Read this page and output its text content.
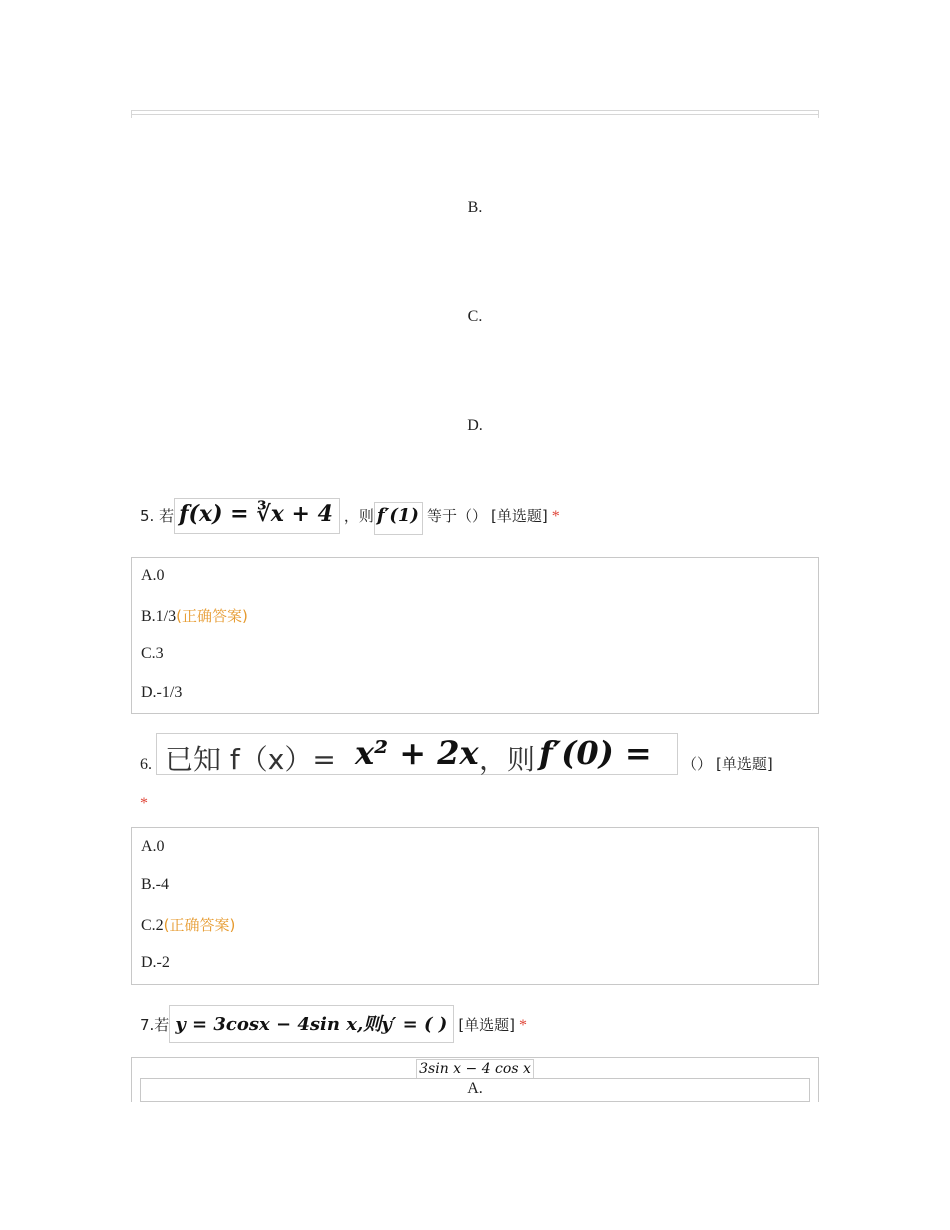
B.
C.
D.
5. 若 f(x) = ∛x + 4 ，则 f′(1) 等于（） [单选题] *
A.0
B.1/3(正确答案)
C.3
D.-1/3
6. 已知 f（x）= x² + 2x ，则 f′(0) = （） [单选题]
*
A.0
B.-4
C.2(正确答案)
D.-2
7.若 y = 3cosx − 4sin x,则y′ = ( ) [单选题] *
3sin x − 4 cos x
A.
